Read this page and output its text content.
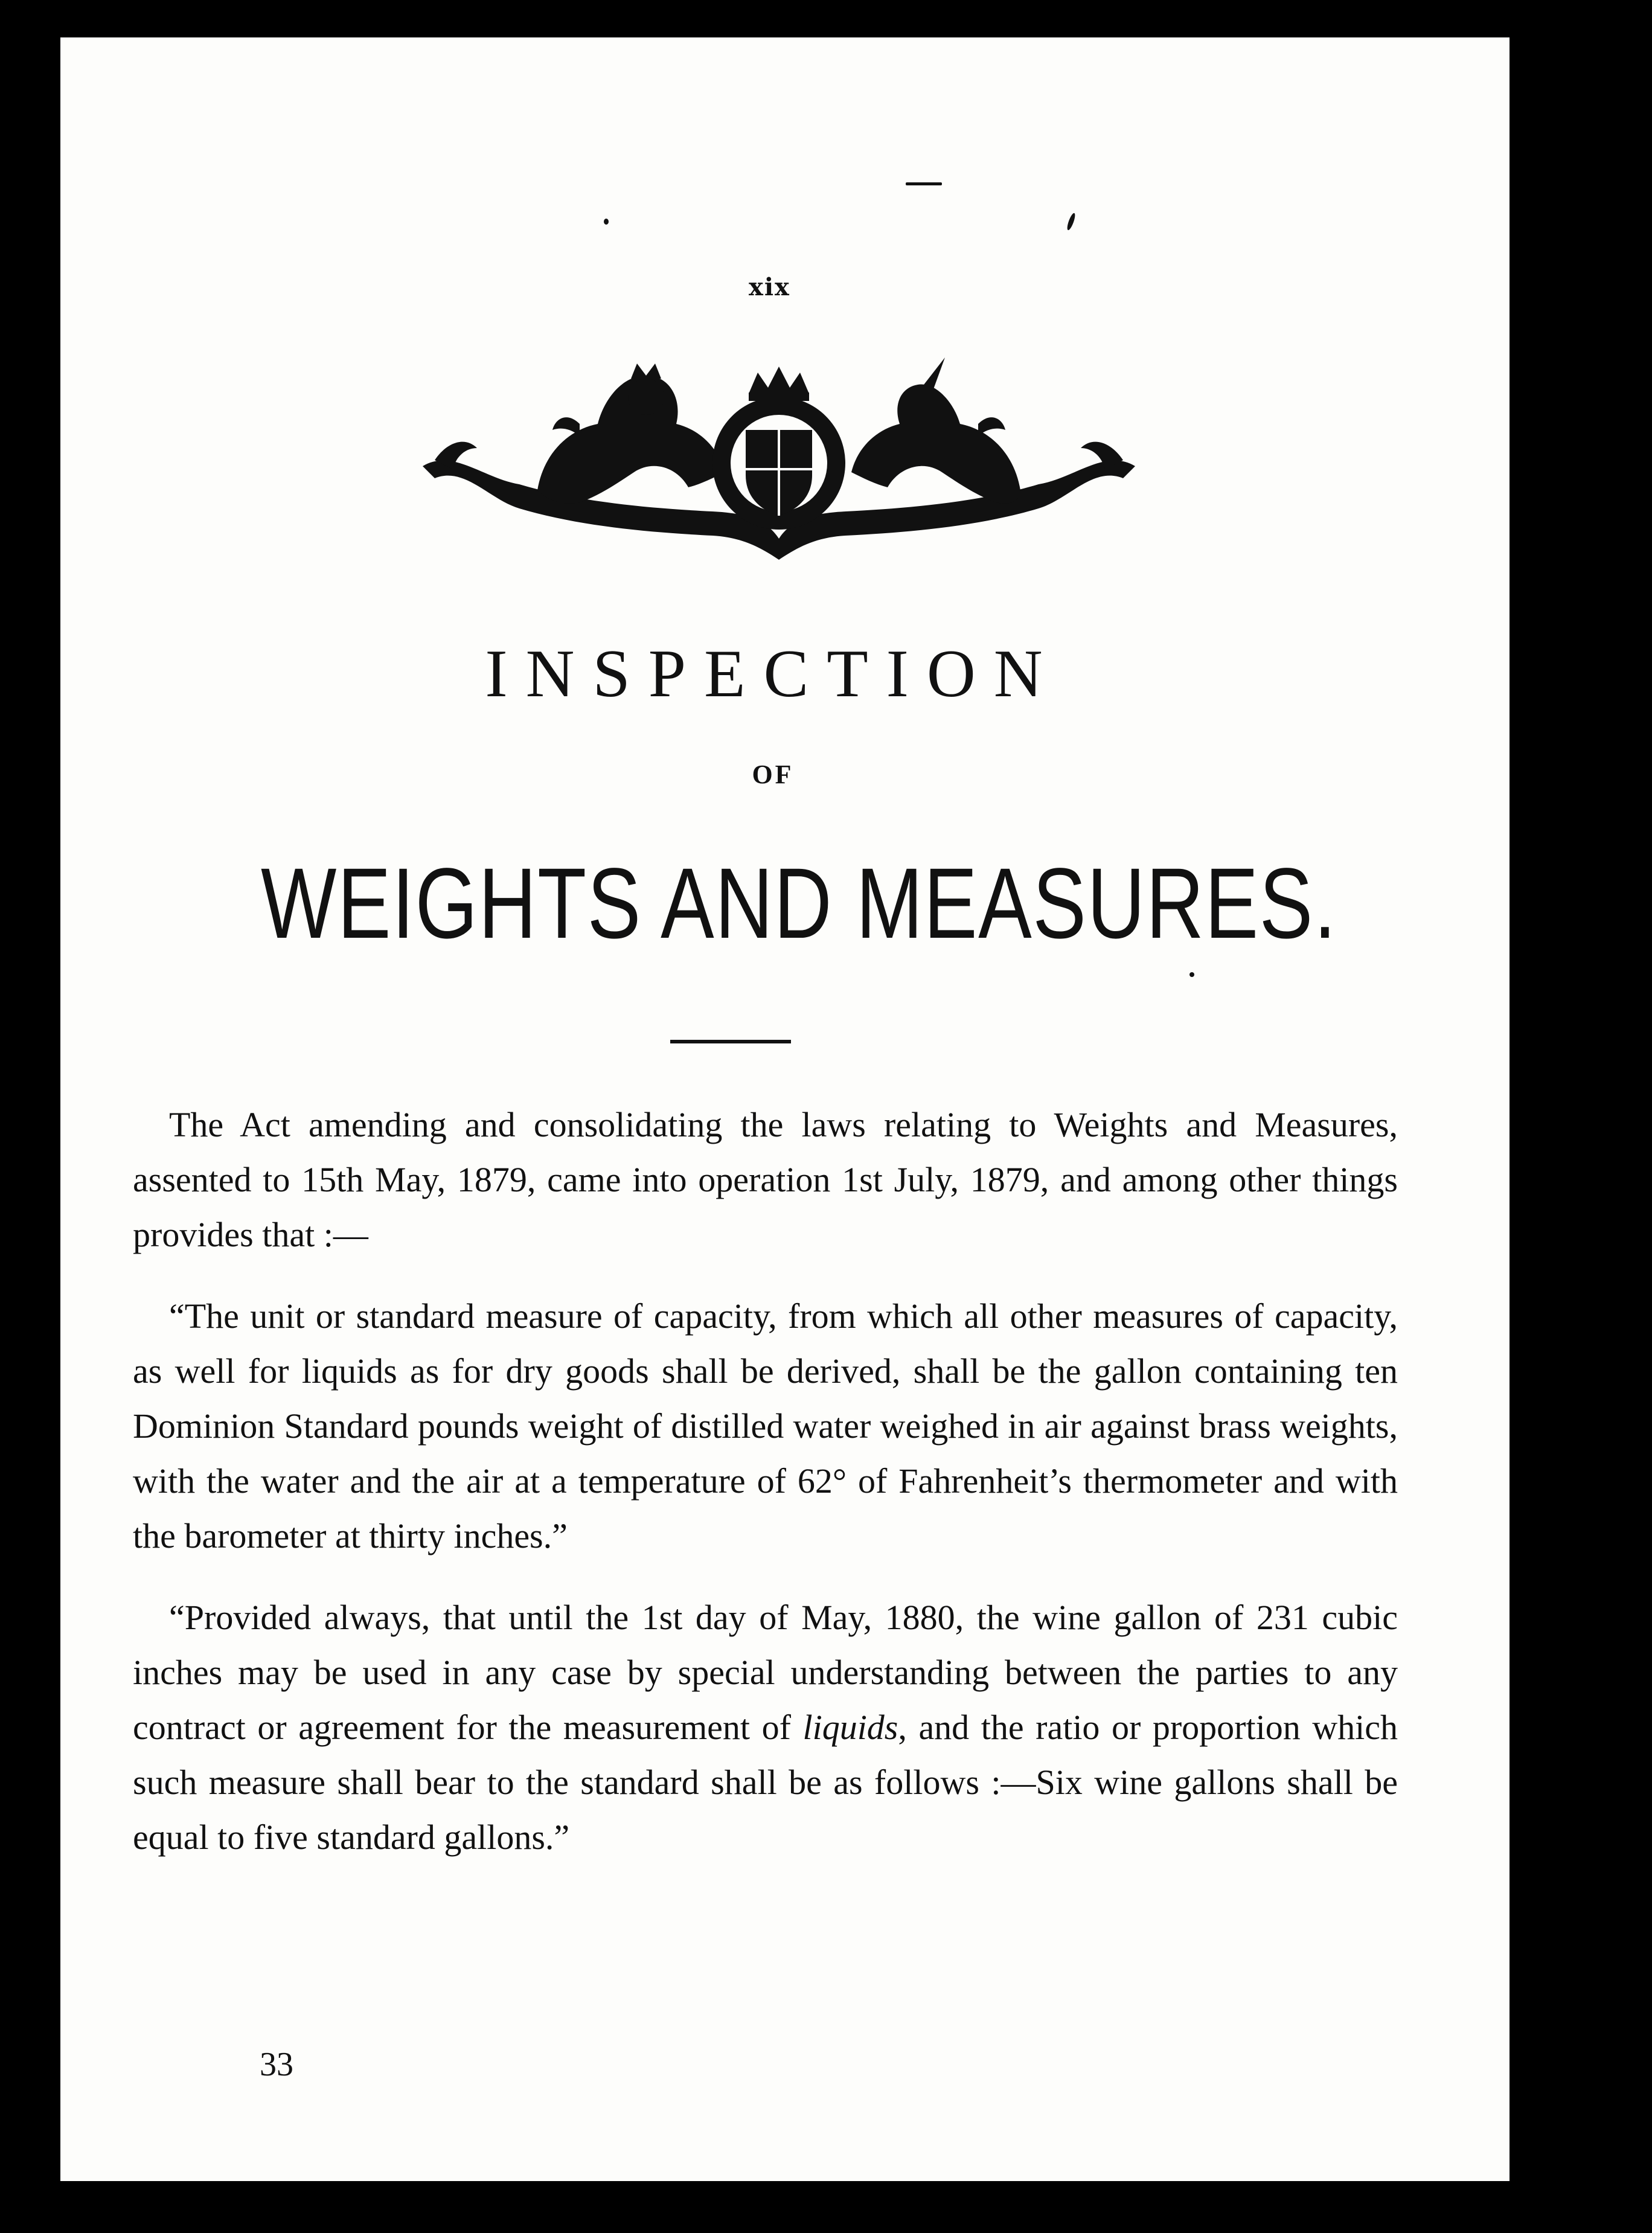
xix
INSPECTION
OF
WEIGHTS AND MEASURES.

The Act amending and consolidating the laws relating to Weights and Measures, assented to 15th May, 1879, came into operation 1st July, 1879, and among other things provides that :—

“The unit or standard measure of capacity, from which all other measures of capacity, as well for liquids as for dry goods shall be derived, shall be the gallon containing ten Dominion Standard pounds weight of distilled water weighed in air against brass weights, with the water and the air at a temperature of 62° of Fahrenheit’s thermometer and with the barometer at thirty inches.”

“Provided always, that until the 1st day of May, 1880, the wine gallon of 231 cubic inches may be used in any case by special understanding between the parties to any contract or agreement for the measurement of liquids, and the ratio or proportion which such measure shall bear to the standard shall be as follows :—Six wine gallons shall be equal to five standard gallons.”

33
